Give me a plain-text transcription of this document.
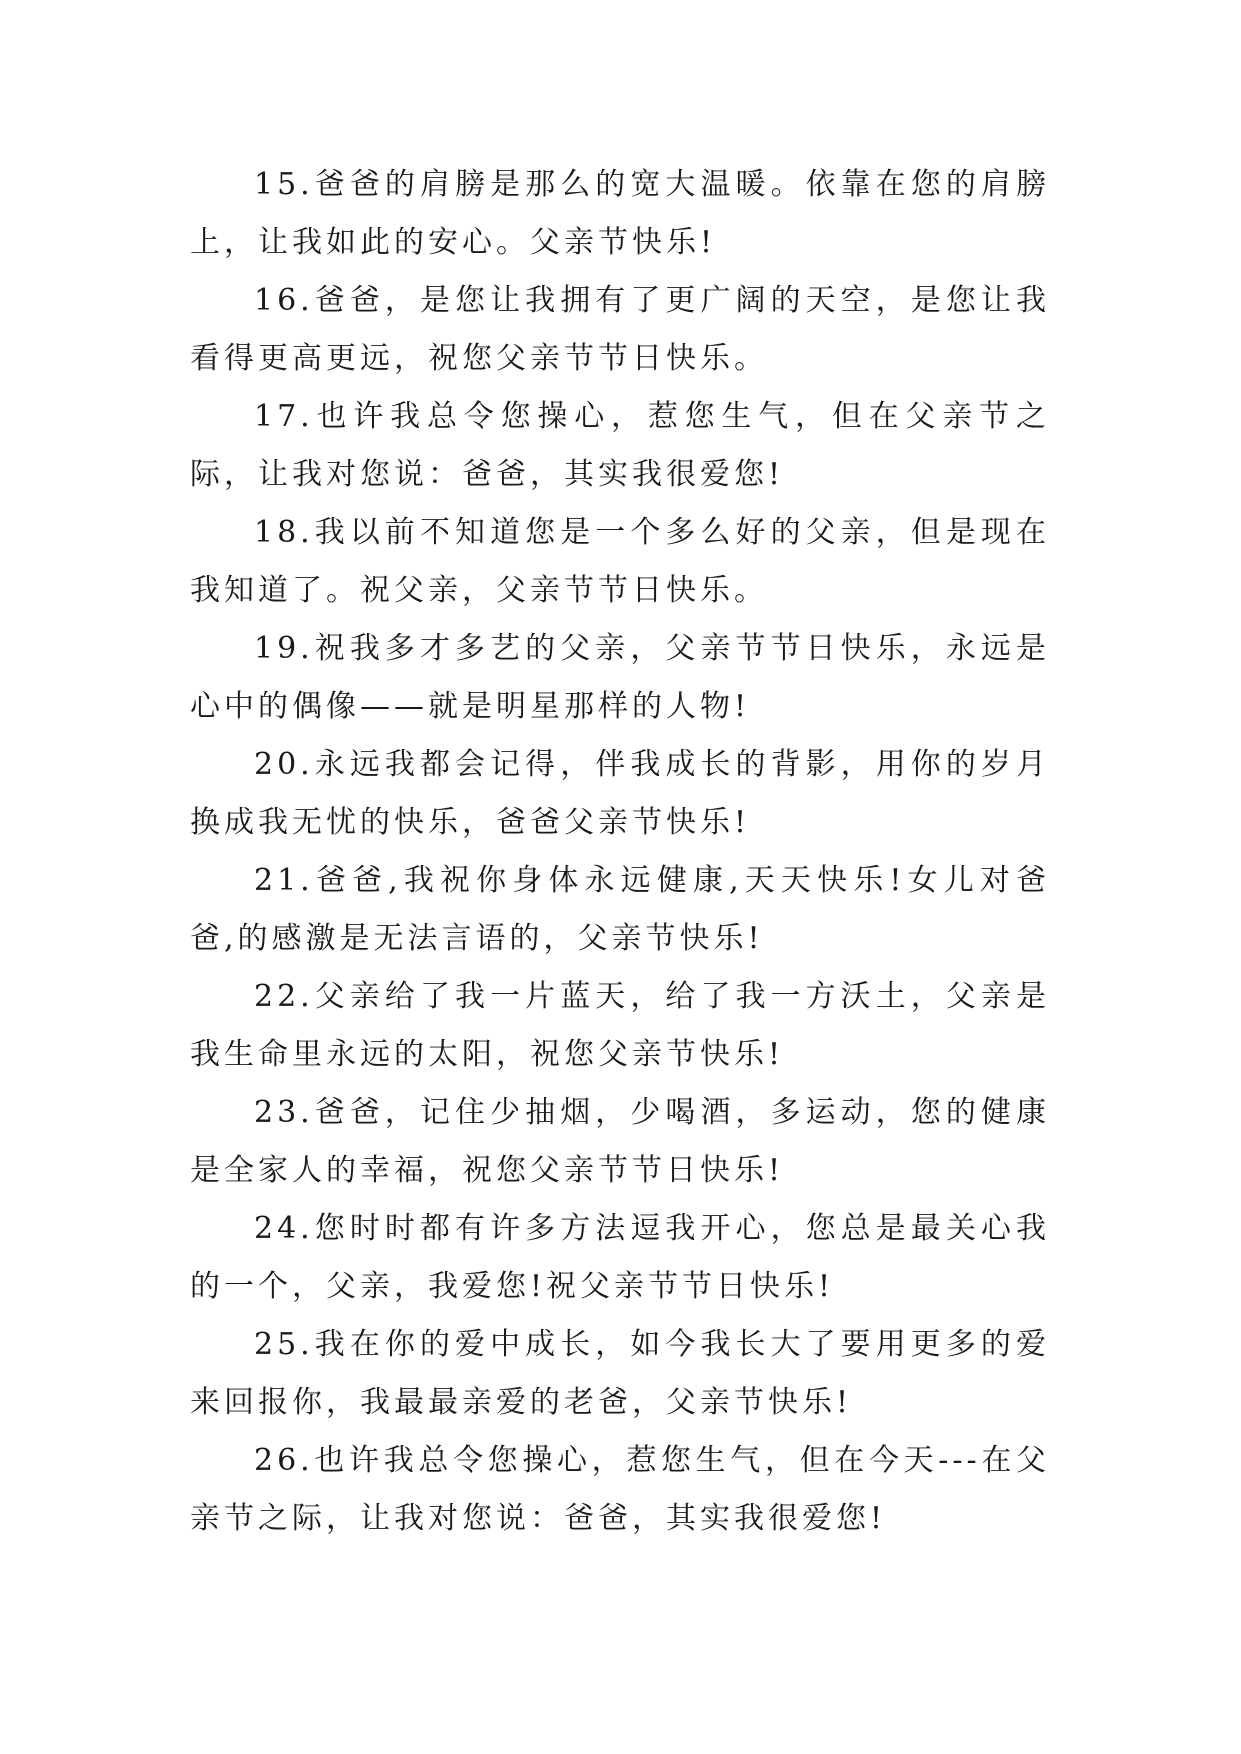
15.爸爸的肩膀是那么的宽大温暖。依靠在您的肩膀上，让我如此的安心。父亲节快乐!

16.爸爸，是您让我拥有了更广阔的天空，是您让我看得更高更远，祝您父亲节节日快乐。

17.也许我总令您操心，惹您生气，但在父亲节之际，让我对您说：爸爸，其实我很爱您!

18.我以前不知道您是一个多么好的父亲，但是现在我知道了。祝父亲，父亲节节日快乐。

19.祝我多才多艺的父亲，父亲节节日快乐，永远是心中的偶像——就是明星那样的人物!

20.永远我都会记得，伴我成长的背影，用你的岁月换成我无忧的快乐，爸爸父亲节快乐!

21.爸爸,我祝你身体永远健康,天天快乐!女儿对爸爸,的感激是无法言语的，父亲节快乐!

22.父亲给了我一片蓝天，给了我一方沃土，父亲是我生命里永远的太阳，祝您父亲节快乐!

23.爸爸，记住少抽烟，少喝酒，多运动，您的健康是全家人的幸福，祝您父亲节节日快乐!

24.您时时都有许多方法逗我开心，您总是最关心我的一个，父亲，我爱您!祝父亲节节日快乐!

25.我在你的爱中成长，如今我长大了要用更多的爱来回报你，我最最亲爱的老爸，父亲节快乐!

26.也许我总令您操心，惹您生气，但在今天---在父亲节之际，让我对您说：爸爸，其实我很爱您!
